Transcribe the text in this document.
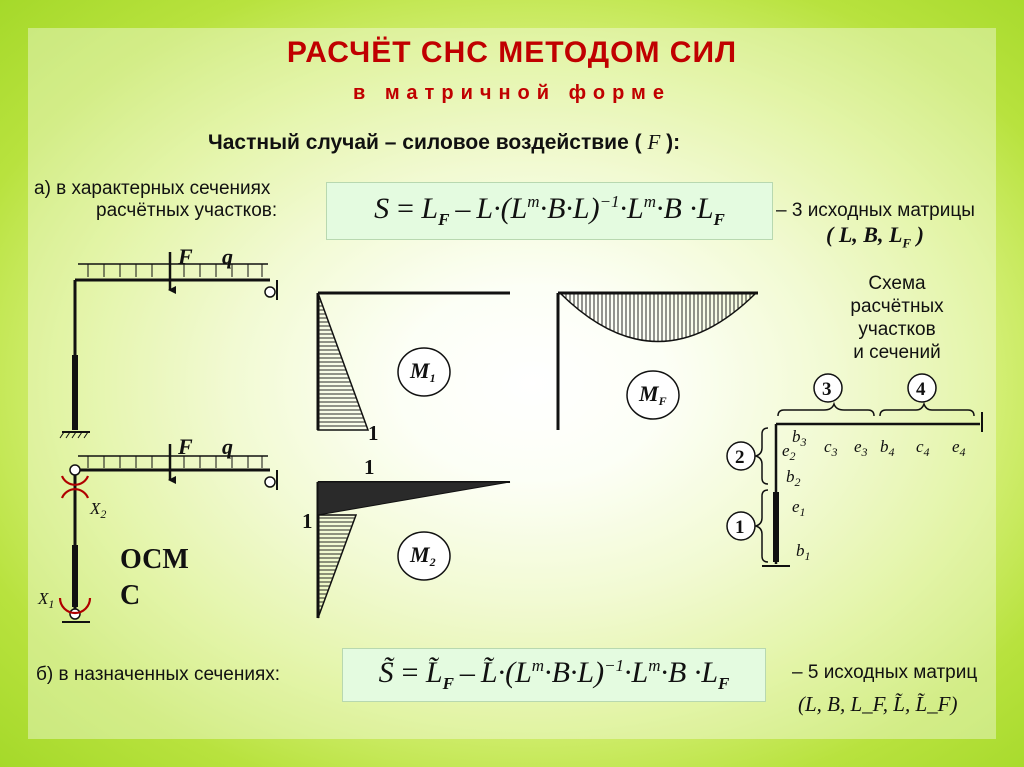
РАСЧЁТ СНС МЕТОДОМ СИЛ
в матричной форме
Частный случай – силовое воздействие ( F ):
а) в характерных сечениях
расчётных участков:	$S = L_F - L\cdot(L^т\cdot B\cdot L)^{-1}\cdot L^т\cdot B \cdot L_F$	– 3 исходных матрицы
( L, B, $L_F$ )
б) в назначенных сечениях:	S̃ = $L̃_F$ – $L̃\cdot(L^т\cdot B\cdot L)^{-1}\cdot L^т\cdot B \cdot L_F$
– 5 исходных матриц
(L, B, L_F, L̃, L̃_F)
Схема
расчётных
участков
и сечений
F q
F q
$X_2$
$X_1$
ОСМ
С
1
M1
MF
1
1
M2
3	4
2
1
$e_2$
$b_3$ $c_3$ $e_3$ $b_4$ $c_4$ $e_4$
$b_2$
$e_1$
$b_1$
